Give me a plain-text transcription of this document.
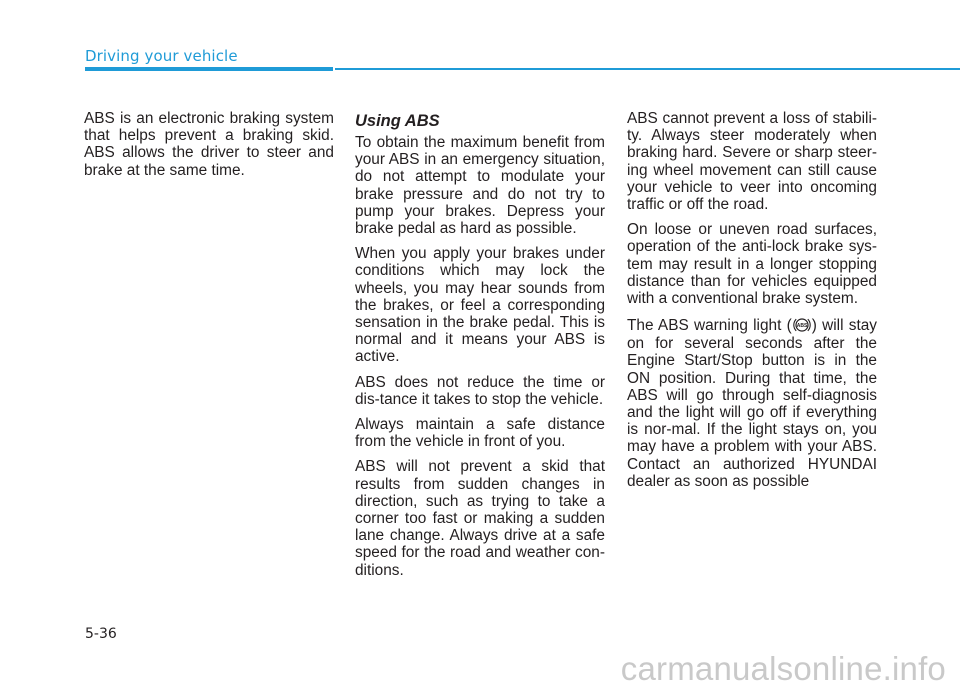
Driving your vehicle

ABS is an electronic braking system that helps prevent a braking skid. ABS allows the driver to steer and brake at the same time.

Using ABS

To obtain the maximum benefit from your ABS in an emergency situation, do not attempt to modulate your brake pressure and do not try to pump your brakes. Depress your brake pedal as hard as possible.

When you apply your brakes under conditions which may lock the wheels, you may hear sounds from the brakes, or feel a corresponding sensation in the brake pedal. This is normal and it means your ABS is active.

ABS does not reduce the time or dis-tance it takes to stop the vehicle.

Always maintain a safe distance from the vehicle in front of you.

ABS will not prevent a skid that results from sudden changes in direction, such as trying to take a corner too fast or making a sudden lane change. Always drive at a safe speed for the road and weather con-ditions.

ABS cannot prevent a loss of stabili-ty. Always steer moderately when braking hard. Severe or sharp steer-ing wheel movement can still cause your vehicle to veer into oncoming traffic or off the road.

On loose or uneven road surfaces, operation of the anti-lock brake sys-tem may result in a longer stopping distance than for vehicles equipped with a conventional brake system.

The ABS warning light ( ABS ) will stay on for several seconds after the Engine Start/Stop button is in the ON position. During that time, the ABS will go through self-diagnosis and the light will go off if everything is nor-mal. If the light stays on, you may have a problem with your ABS. Contact an authorized HYUNDAI dealer as soon as possible

5-36
carmanualsonline.info
